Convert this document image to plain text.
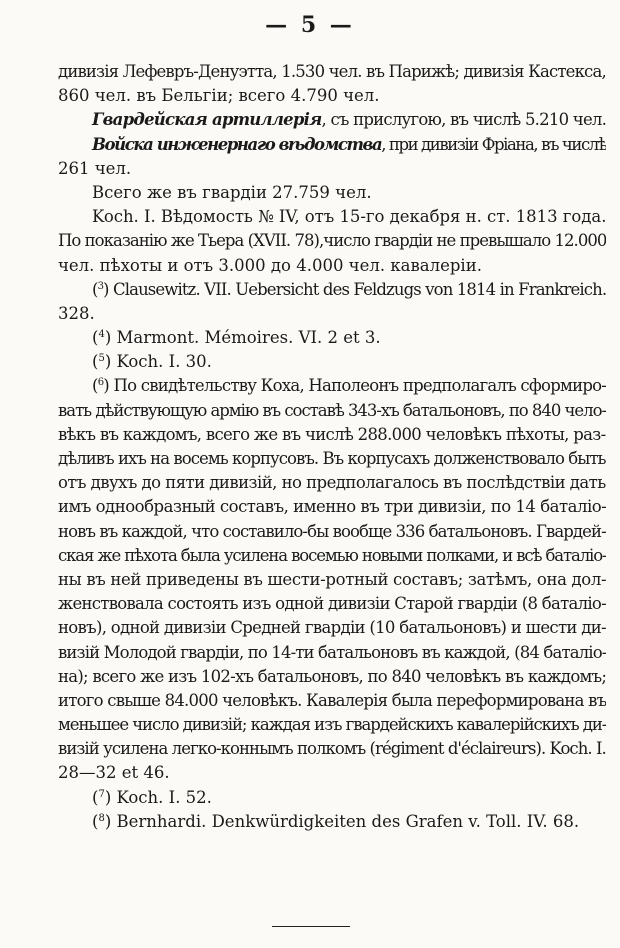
— 5 —
дивизія Лефевръ-Денуэтта, 1.530 чел. въ Парижѣ; дивизія Кастекса,
860 чел. въ Бельгіи; всего 4.790 чел.
Гвардейская артиллерія, съ прислугою, въ числѣ 5.210 чел.
Войска инженернаго вѣдомства, при дивизіи Фріана, въ числѣ
261 чел.
Всего же въ гвардіи 27.759 чел.
Koch. I. Вѣдомость № IV, отъ 15-го декабря н. ст. 1813 года.
По показанію же Тьера (XVII. 78),число гвардіи не превышало 12.000
чел. пѣхоты и отъ 3.000 до 4.000 чел. кавалеріи.
($^3$) Clausewitz. VII. Uebersicht des Feldzugs von 1814 in Frankreich.
328.
($^4$) Marmont. Mémoires. VI. 2 et 3.
($^5$) Koch. I. 30.
($^6$) По свидѣтельству Коха, Наполеонъ предполагалъ сформиро-
вать дѣйствующую армію въ составѣ 343-хъ батальоновъ, по 840 чело-
вѣкъ въ каждомъ, всего же въ числѣ 288.000 человѣкъ пѣхоты, раз-
дѣливъ ихъ на восемь корпусовъ. Въ корпусахъ долженствовало быть
отъ двухъ до пяти дивизій, но предполагалось въ послѣдствіи дать
имъ однообразный составъ, именно въ три дивизіи, по 14 баталіо-
новъ въ каждой, что составило-бы вообще 336 батальоновъ. Гвардей-
ская же пѣхота была усилена восемью новыми полками, и всѣ баталіо-
ны въ ней приведены въ шести-ротный составъ; затѣмъ, она дол-
женствовала состоять изъ одной дивизіи Старой гвардіи (8 баталіо-
новъ), одной дивизіи Средней гвардіи (10 батальоновъ) и шести ди-
визій Молодой гвардіи, по 14-ти батальоновъ въ каждой, (84 баталіо-
на); всего же изъ 102-хъ батальоновъ, по 840 человѣкъ въ каждомъ;
итого свыше 84.000 человѣкъ. Кавалерія была переформирована въ
меньшее число дивизій; каждая изъ гвардейскихъ кавалерійскихъ ди-
визій усилена легко-коннымъ полкомъ (régiment d'éclaireurs). Koch. I.
28—32 et 46.
($^7$) Koch. I. 52.
($^8$) Bernhardi. Denkwürdigkeiten des Grafen v. Toll. IV. 68.
